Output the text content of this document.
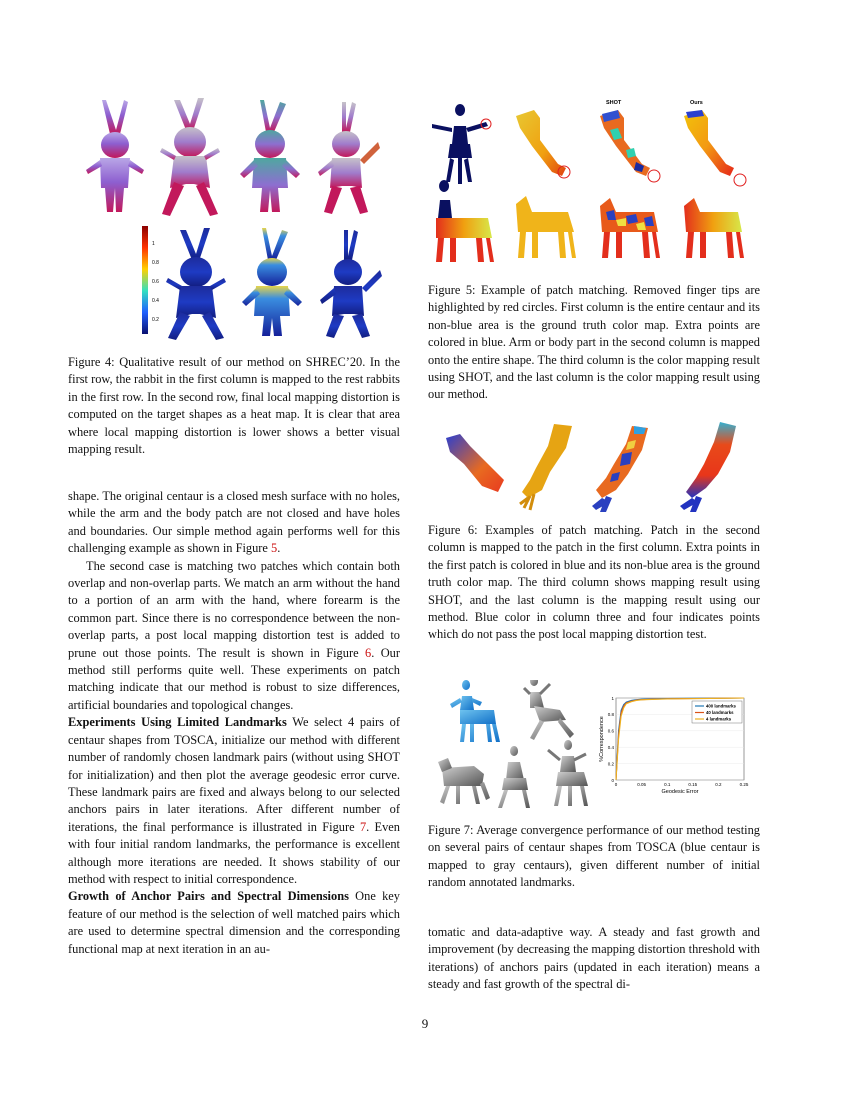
1
0.8
0.6
0.4
0.2

Figure 4: Qualitative result of our method on SHREC’20. In the first row, the rabbit in the first column is mapped to the rest rabbits in the first row. In the second row, final local mapping distortion is computed on the target shapes as a heat map. It is clear that area where local mapping distortion is lower shows a better visual mapping result.

shape. The original centaur is a closed mesh surface with no holes, while the arm and the body patch are not closed and have holes and boundaries. Our simple method again performs well for this challenging example as shown in Figure 5.

The second case is matching two patches which contain both overlap and non-overlap parts. We match an arm without the hand to a portion of an arm with the hand, where forearm is the common part. Since there is no correspondence between the non-overlap parts, a post local mapping distortion test is added to prune out those points. The result is shown in Figure 6. Our method still performs quite well. These experiments on patch matching indicate that our method is robust to size differences, artificial boundaries and topological changes.

Experiments Using Limited Landmarks We select 4 pairs of centaur shapes from TOSCA, initialize our method with different number of randomly chosen landmark pairs (without using SHOT for initialization) and then plot the average geodesic error curve. These landmark pairs are fixed and always belong to our selected anchors pairs in later iterations. After different number of iterations, the final performance is illustrated in Figure 7. Even with four initial random landmarks, the performance is excellent although more iterations are needed. It shows stability of our method with respect to initial correspondence.

Growth of Anchor Pairs and Spectral Dimensions One key feature of our method is the selection of well matched pairs which are used to determine spectral dimension and the corresponding functional map at next iteration in an au-

SHOT	Ours

Figure 5: Example of patch matching. Removed finger tips are highlighted by red circles. First column is the entire centaur and its non-blue area is the ground truth color map. Extra points are colored in blue. Arm or body part in the second column is mapped onto the entire shape. The third column is the color mapping result using SHOT, and the last column is the color mapping result using our method.

Figure 6: Examples of patch matching. Patch in the second column is mapped to the patch in the first column. Extra points in the first patch is colored in blue and its non-blue area is the ground truth color map. The third column shows mapping result using SHOT, and the last column is the mapping result using our method. Blue color in column three and four indicates points which do not pass the post local mapping distortion test.

0
0.2
0.4
0.6
0.8
1
0	0.05	0.1	0.15	0.2	0.25
400 landmarks
40 landmarks
4 landmarks
Geodesic Error
%Correspondence

Figure 7: Average convergence performance of our method testing on several pairs of centaur shapes from TOSCA (blue centaur is mapped to gray centaurs), given different number of initial random annotated landmarks.

tomatic and data-adaptive way. A steady and fast growth and improvement (by decreasing the mapping distortion threshold with iterations) of anchors pairs (updated in each iteration) means a steady and fast growth of the spectral di-

9
